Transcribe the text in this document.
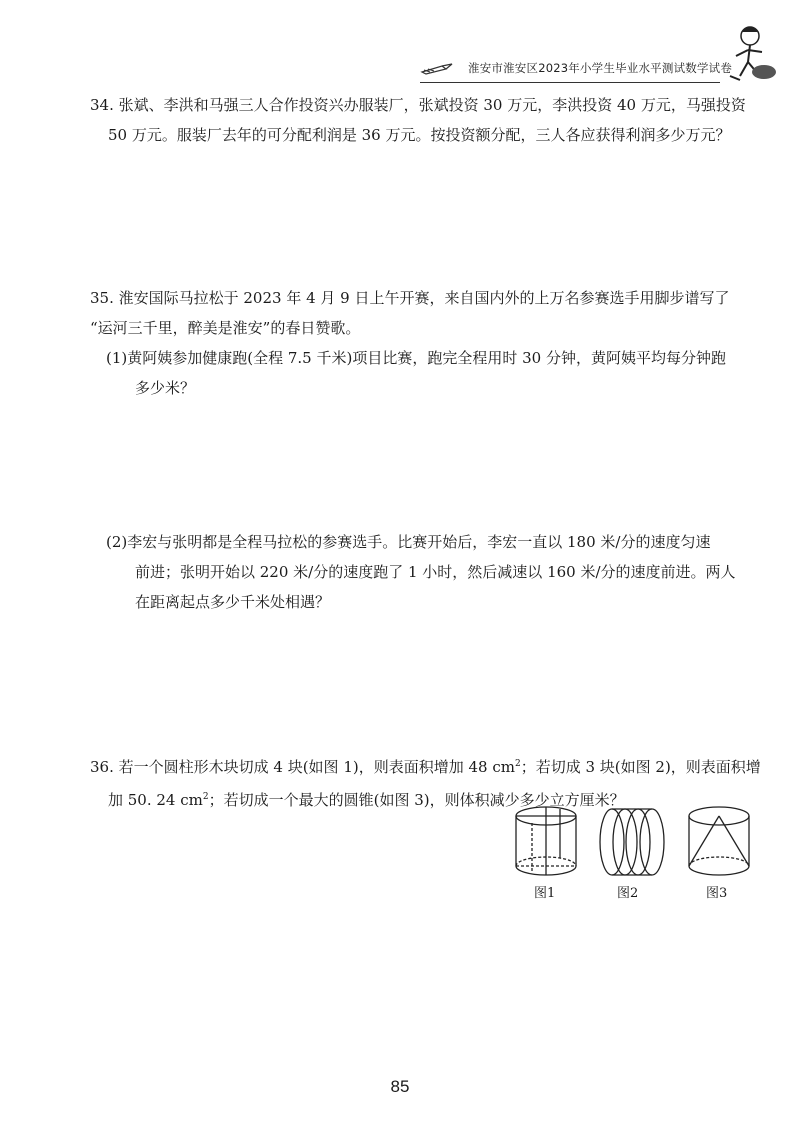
淮安市淮安区2023年小学生毕业水平测试数学试卷
34. 张斌、李洪和马强三人合作投资兴办服装厂，张斌投资 30 万元，李洪投资 40 万元，马强投资
50 万元。服装厂去年的可分配利润是 36 万元。按投资额分配，三人各应获得利润多少万元？
35. 淮安国际马拉松于 2023 年 4 月 9 日上午开赛，来自国内外的上万名参赛选手用脚步谱写了
“运河三千里，醉美是淮安”的春日赞歌。
(1)黄阿姨参加健康跑(全程 7.5 千米)项目比赛，跑完全程用时 30 分钟，黄阿姨平均每分钟跑
多少米？
(2)李宏与张明都是全程马拉松的参赛选手。比赛开始后，李宏一直以 180 米/分的速度匀速
前进；张明开始以 220 米/分的速度跑了 1 小时，然后减速以 160 米/分的速度前进。两人
在距离起点多少千米处相遇？
36. 若一个圆柱形木块切成 4 块(如图 1)，则表面积增加 48 $cm^2$；若切成 3 块(如图 2)，则表面积增
加 50. 24 $cm^2$；若切成一个最大的圆锥(如图 3)，则体积减少多少立方厘米？
图1	图2	图3
85
